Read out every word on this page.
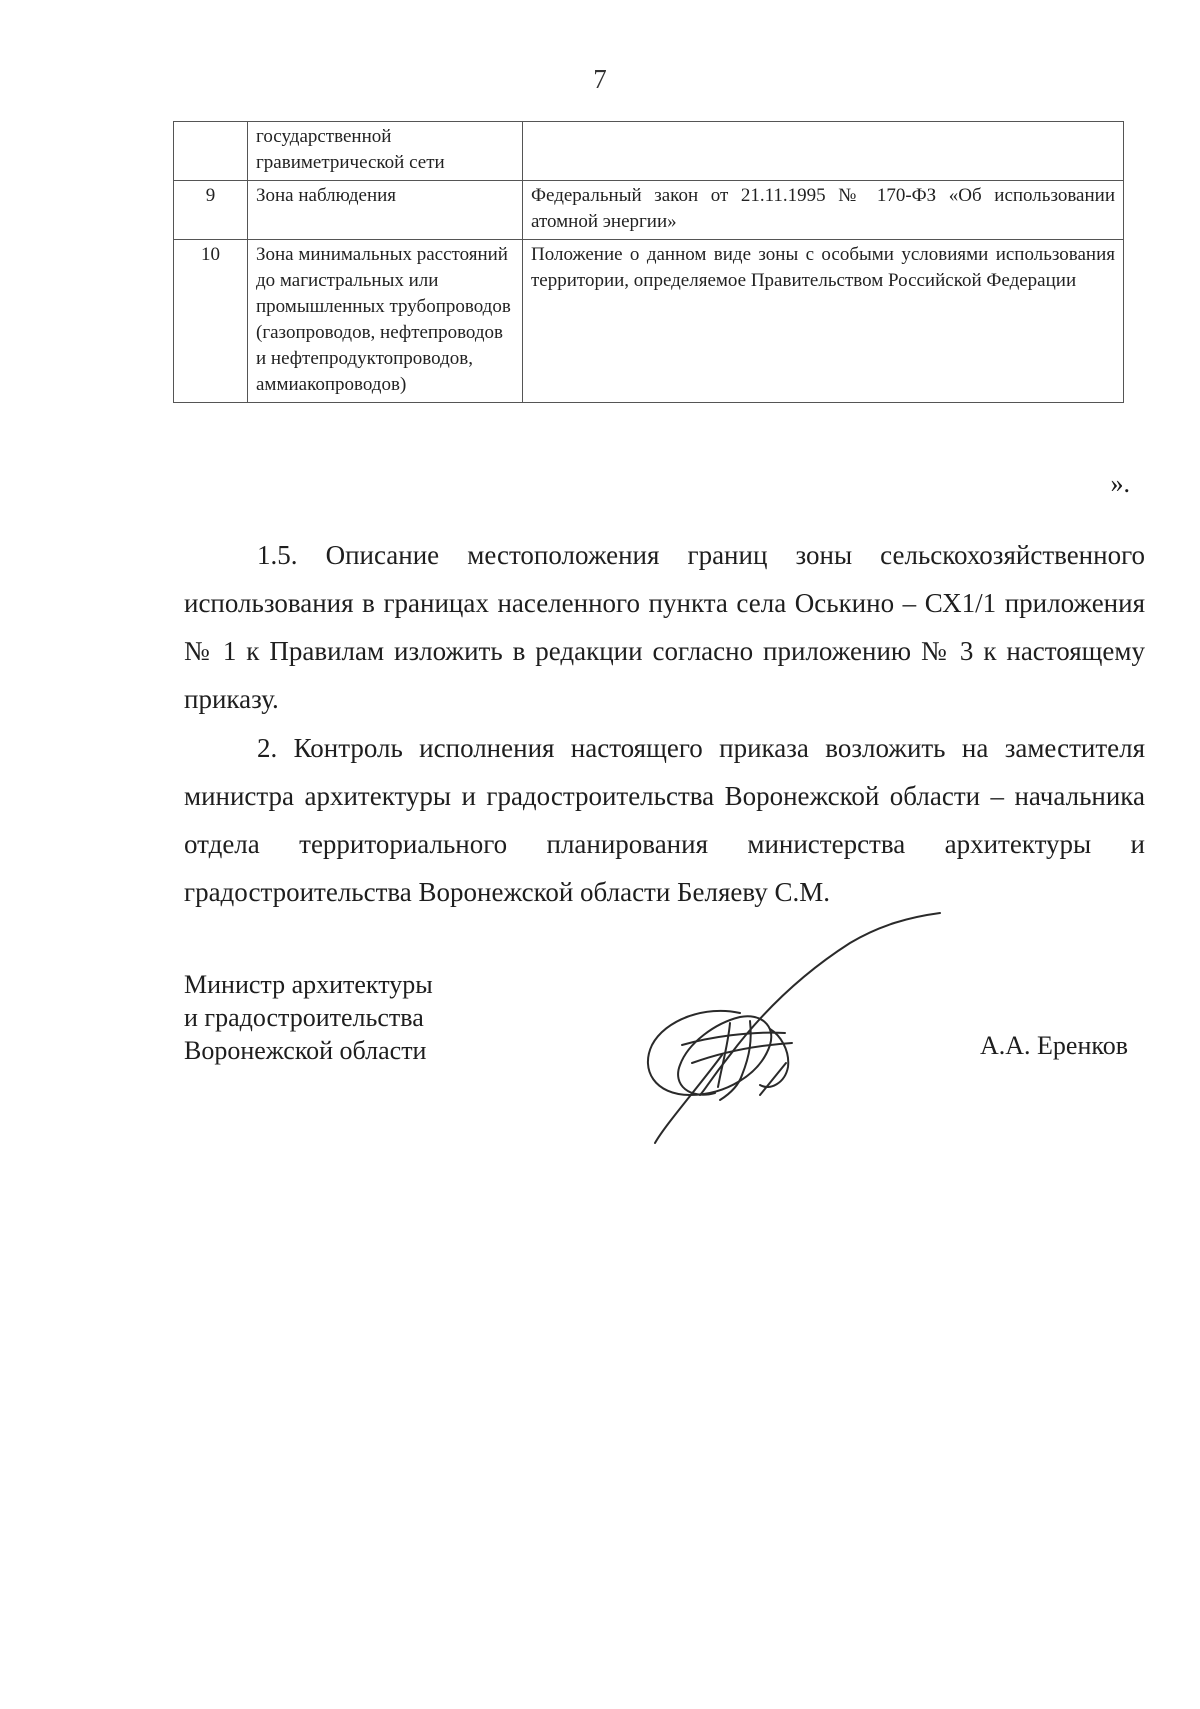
7
	государственной гравиметрической сети	
9	Зона наблюдения	Федеральный закон от 21.11.1995 № 170-ФЗ «Об использовании атомной энергии»
10	Зона минимальных расстояний до магистральных или промышленных трубопроводов (газопроводов, нефтепроводов и нефтепродуктопроводов, аммиакопроводов)	Положение о данном виде зоны с особыми условиями использования территории, определяемое Правительством Российской Федерации
».

1.5. Описание местоположения границ зоны сельскохозяйственного использования в границах населенного пункта села Оськино – СХ1/1 приложения № 1 к Правилам изложить в редакции согласно приложению № 3 к настоящему приказу.

2. Контроль исполнения настоящего приказа возложить на заместителя министра архитектуры и градостроительства Воронежской области – начальника отдела территориального планирования министерства архитектуры и градостроительства Воронежской области Беляеву С.М.

Министр архитектуры
и градостроительства
Воронежской области	А.А. Еренков
